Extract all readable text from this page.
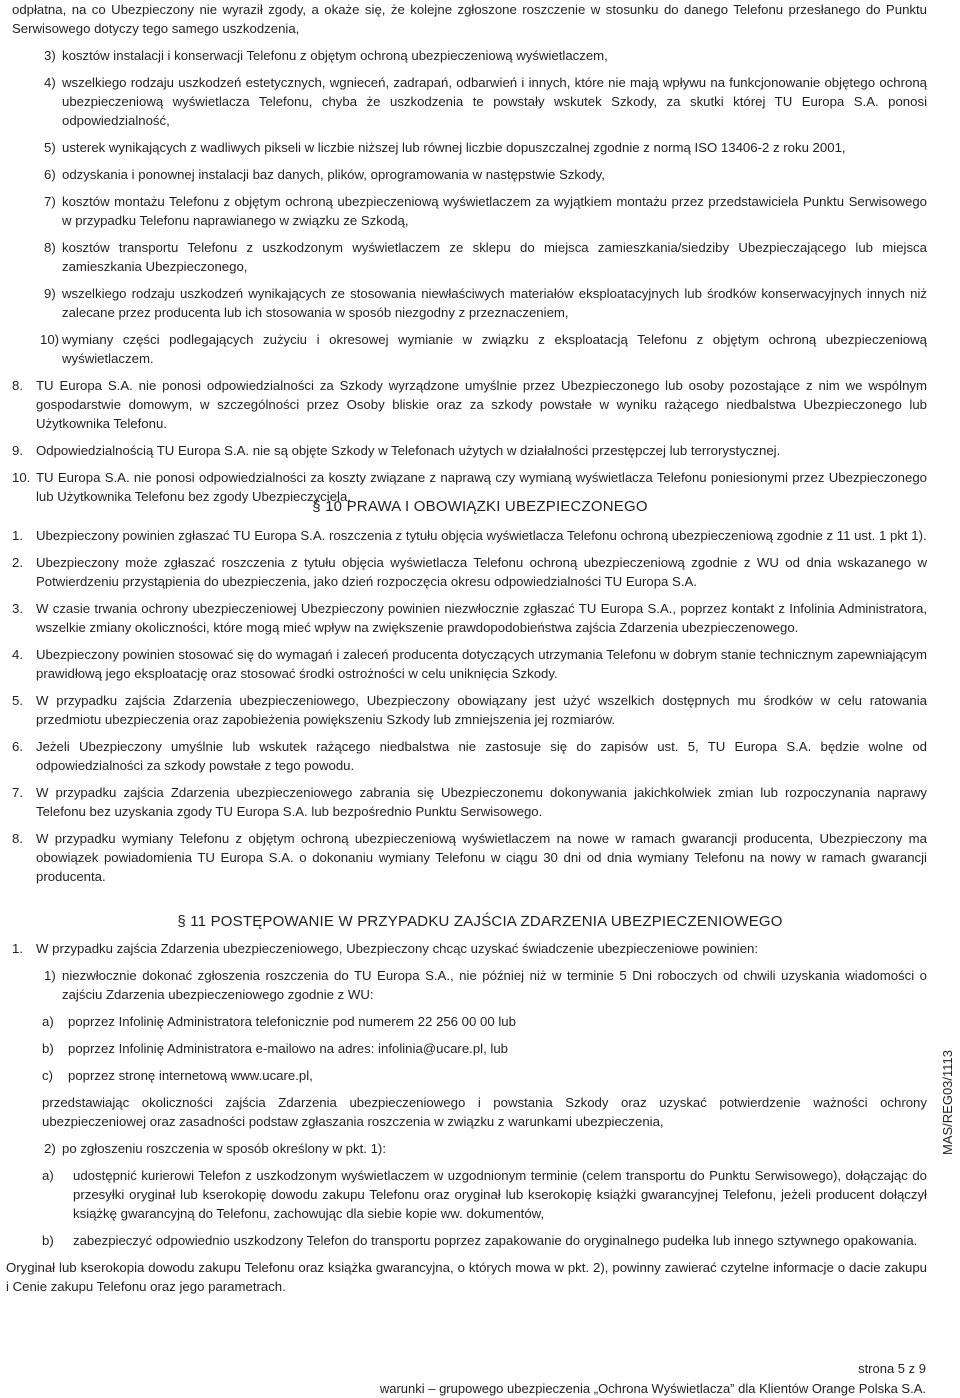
odpłatna, na co Ubezpieczony nie wyraził zgody, a okaże się, że kolejne zgłoszone roszczenie w stosunku do danego Telefonu przesłanego do Punktu Serwisowego dotyczy tego samego uszkodzenia,

3) kosztów instalacji i konserwacji Telefonu z objętym ochroną ubezpieczeniową wyświetlaczem,
4) wszelkiego rodzaju uszkodzeń estetycznych, wgnieceń, zadrapań, odbarwień i innych, które nie mają wpływu na funkcjonowanie objętego ochroną ubezpieczeniową wyświetlacza Telefonu, chyba że uszkodzenia te powstały wskutek Szkody, za skutki której TU Europa S.A. ponosi odpowiedzialność,
5) usterek wynikających z wadliwych pikseli w liczbie niższej lub równej liczbie dopuszczalnej zgodnie z normą ISO 13406-2 z roku 2001,
6) odzyskania i ponownej instalacji baz danych, plików, oprogramowania w następstwie Szkody,
7) kosztów montażu Telefonu z objętym ochroną ubezpieczeniową wyświetlaczem za wyjątkiem montażu przez przedstawiciela Punktu Serwisowego w przypadku Telefonu naprawianego w związku ze Szkodą,
8) kosztów transportu Telefonu z uszkodzonym wyświetlaczem ze sklepu do miejsca zamieszkania/siedziby Ubezpieczającego lub miejsca zamieszkania Ubezpieczonego,
9) wszelkiego rodzaju uszkodzeń wynikających ze stosowania niewłaściwych materiałów eksploatacyjnych lub środków konserwacyjnych innych niż zalecane przez producenta lub ich stosowania w sposób niezgodny z przeznaczeniem,
10) wymiany części podlegających zużyciu i okresowej wymianie w związku z eksploatacją Telefonu z objętym ochroną ubezpieczeniową wyświetlaczem.
8. TU Europa S.A. nie ponosi odpowiedzialności za Szkody wyrządzone umyślnie przez Ubezpieczonego lub osoby pozostające z nim we wspólnym gospodarstwie domowym, w szczególności przez Osoby bliskie oraz za szkody powstałe w wyniku rażącego niedbalstwa Ubezpieczonego lub Użytkownika Telefonu.
9. Odpowiedzialnością TU Europa S.A. nie są objęte Szkody w Telefonach użytych w działalności przestępczej lub terrorystycznej.
10. TU Europa S.A. nie ponosi odpowiedzialności za koszty związane z naprawą czy wymianą wyświetlacza Telefonu poniesionymi przez Ubezpieczonego lub Użytkownika Telefonu bez zgody Ubezpieczyciela.
§ 10 PRAWA I OBOWIĄZKI UBEZPIECZONEGO
1. Ubezpieczony powinien zgłaszać TU Europa S.A. roszczenia z tytułu objęcia wyświetlacza Telefonu ochroną ubezpieczeniową zgodnie z 11 ust. 1 pkt 1).
2. Ubezpieczony może zgłaszać roszczenia z tytułu objęcia wyświetlacza Telefonu ochroną ubezpieczeniową zgodnie z WU od dnia wskazanego w Potwierdzeniu przystąpienia do ubezpieczenia, jako dzień rozpoczęcia okresu odpowiedzialności TU Europa S.A.
3. W czasie trwania ochrony ubezpieczeniowej Ubezpieczony powinien niezwłocznie zgłaszać TU Europa S.A., poprzez kontakt z Infolinia Administratora, wszelkie zmiany okoliczności, które mogą mieć wpływ na zwiększenie prawdopodobieństwa zajścia Zdarzenia ubezpieczenowego.
4. Ubezpieczony powinien stosować się do wymagań i zaleceń producenta dotyczących utrzymania Telefonu w dobrym stanie technicznym zapewniającym prawidłową jego eksploatację oraz stosować środki ostrożności w celu uniknięcia Szkody.
5. W przypadku zajścia Zdarzenia ubezpieczeniowego, Ubezpieczony obowiązany jest użyć wszelkich dostępnych mu środków w celu ratowania przedmiotu ubezpieczenia oraz zapobieżenia powiększeniu Szkody lub zmniejszenia jej rozmiarów.
6. Jeżeli Ubezpieczony umyślnie lub wskutek rażącego niedbalstwa nie zastosuje się do zapisów ust. 5, TU Europa S.A. będzie wolne od odpowiedzialności za szkody powstałe z tego powodu.
7. W przypadku zajścia Zdarzenia ubezpieczeniowego zabrania się Ubezpieczonemu dokonywania jakichkolwiek zmian lub rozpoczynania naprawy Telefonu bez uzyskania zgody TU Europa S.A. lub bezpośrednio Punktu Serwisowego.
8. W przypadku wymiany Telefonu z objętym ochroną ubezpieczeniową wyświetlaczem na nowe w ramach gwarancji producenta, Ubezpieczony ma obowiązek powiadomienia TU Europa S.A. o dokonaniu wymiany Telefonu w ciągu 30 dni od dnia wymiany Telefonu na nowy w ramach gwarancji producenta.
§ 11 POSTĘPOWANIE W PRZYPADKU ZAJŚCIA ZDARZENIA UBEZPIECZENIOWEGO
1. W przypadku zajścia Zdarzenia ubezpieczeniowego, Ubezpieczony chcąc uzyskać świadczenie ubezpieczeniowe powinien:
1) niezwłocznie dokonać zgłoszenia roszczenia do TU Europa S.A., nie później niż w terminie 5 Dni roboczych od chwili uzyskania wiadomości o zajściu Zdarzenia ubezpieczeniowego zgodnie z WU:
a) poprzez Infolinię Administratora telefonicznie pod numerem 22 256 00 00 lub
b) poprzez Infolinię Administratora e-mailowo na adres: infolinia@ucare.pl, lub
c) poprzez stronę internetową www.ucare.pl,

przedstawiając okoliczności zajścia Zdarzenia ubezpieczeniowego i powstania Szkody oraz uzyskać potwierdzenie ważności ochrony ubezpieczeniowej oraz zasadności podstaw zgłaszania roszczenia w związku z warunkami ubezpieczenia,

2) po zgłoszeniu roszczenia w sposób określony w pkt. 1):
a) udostępnić kurierowi Telefon z uszkodzonym wyświetlaczem w uzgodnionym terminie (celem transportu do Punktu Serwisowego), dołączając do przesyłki oryginał lub kserokopię dowodu zakupu Telefonu oraz oryginał lub kserokopię książki gwarancyjnej Telefonu, jeżeli producent dołączył książkę gwarancyjną do Telefonu, zachowując dla siebie kopie ww. dokumentów,
b) zabezpieczyć odpowiednio uszkodzony Telefon do transportu poprzez zapakowanie do oryginalnego pudełka lub innego sztywnego opakowania.

Oryginał lub kserokopia dowodu zakupu Telefonu oraz książka gwarancyjna, o których mowa w pkt. 2), powinny zawierać czytelne informacje o dacie zakupu i Cenie zakupu Telefonu oraz jego parametrach.

MAS/REG03/1113
strona 5 z 9
warunki – grupowego ubezpieczenia „Ochrona Wyświetlacza” dla Klientów Orange Polska S.A.
